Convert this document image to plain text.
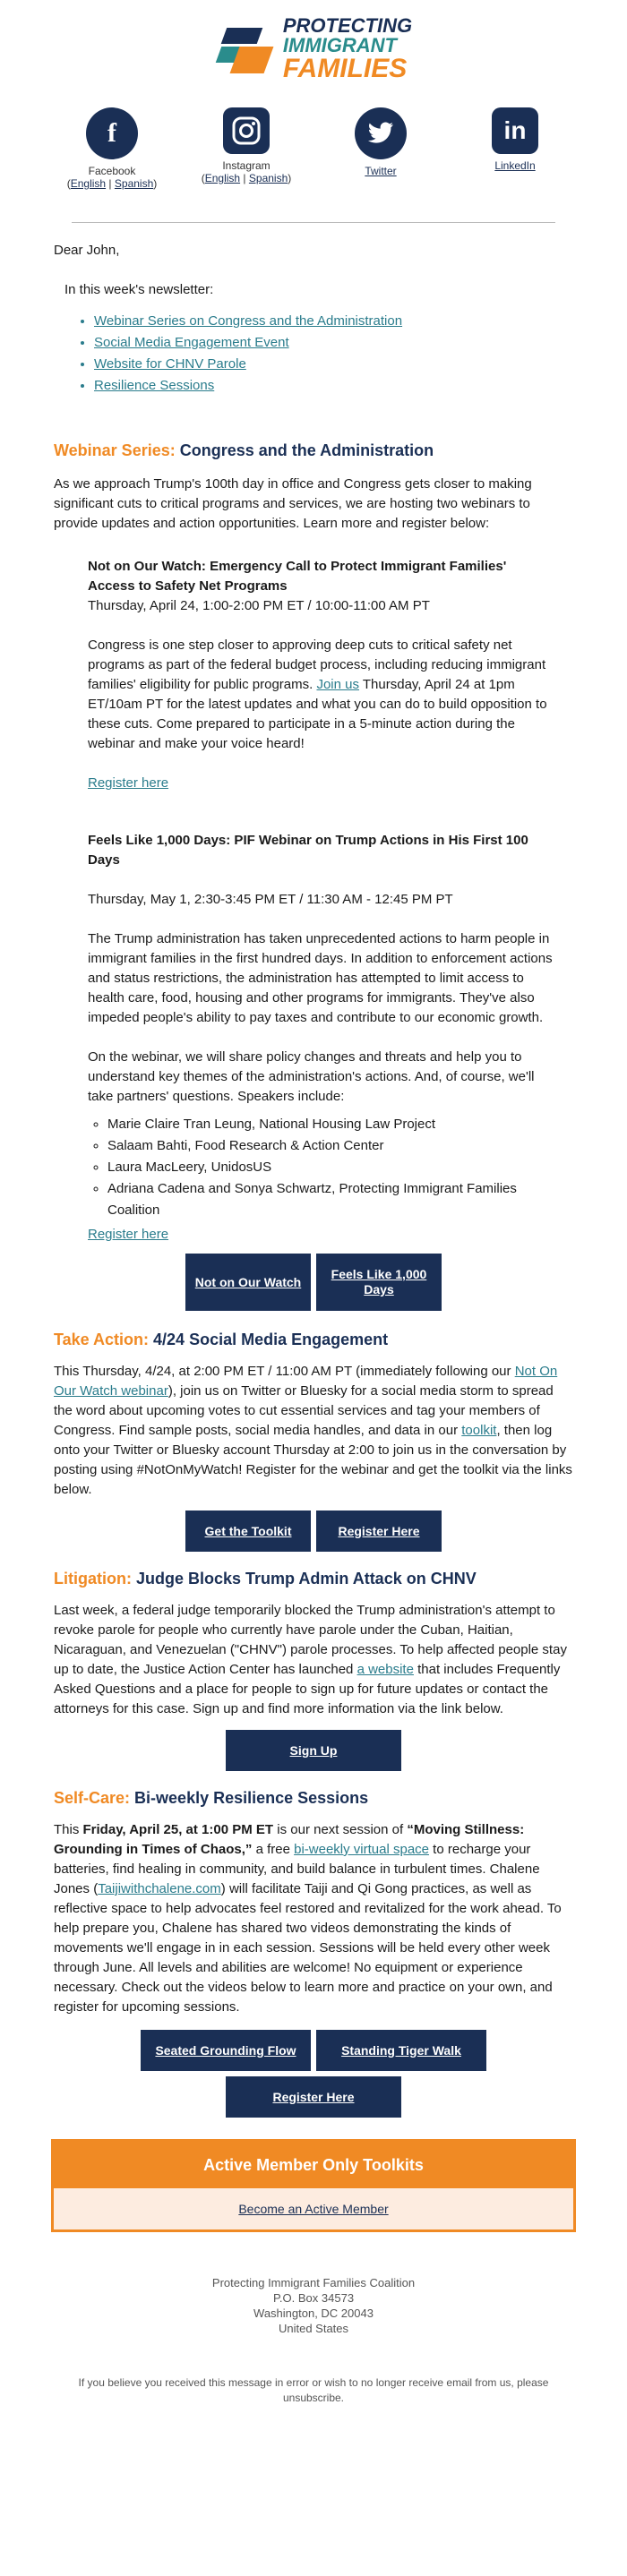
PROTECTING
IMMIGRANT
FAMILIES
f
Facebook
(English | Spanish)
Instagram
(English | Spanish)
Twitter
in
LinkedIn

Dear John,

In this week's newsletter:

• Webinar Series on Congress and the Administration
• Social Media Engagement Event
• Website for CHNV Parole
• Resilience Sessions
Webinar Series: Congress and the Administration

As we approach Trump's 100th day in office and Congress gets closer to making significant cuts to critical programs and services, we are hosting two webinars to provide updates and action opportunities. Learn more and register below:

Not on Our Watch: Emergency Call to Protect Immigrant Families' Access to Safety Net Programs

Thursday, April 24, 1:00-2:00 PM ET / 10:00-11:00 AM PT

Congress is one step closer to approving deep cuts to critical safety net programs as part of the federal budget process, including reducing immigrant families' eligibility for public programs. Join us Thursday, April 24 at 1pm ET/10am PT for the latest updates and what you can do to build opposition to these cuts. Come prepared to participate in a 5-minute action during the webinar and make your voice heard!

Register here

Feels Like 1,000 Days: PIF Webinar on Trump Actions in His First 100 Days

Thursday, May 1, 2:30-3:45 PM ET / 11:30 AM - 12:45 PM PT

The Trump administration has taken unprecedented actions to harm people in immigrant families in the first hundred days. In addition to enforcement actions and status restrictions, the administration has attempted to limit access to health care, food, housing and other programs for immigrants. They've also impeded people's ability to pay taxes and contribute to our economic growth.

On the webinar, we will share policy changes and threats and help you to understand key themes of the administration's actions. And, of course, we'll take partners' questions. Speakers include:

◦ Marie Claire Tran Leung, National Housing Law Project
◦ Salaam Bahti, Food Research & Action Center
◦ Laura MacLeery, UnidosUS
◦ Adriana Cadena and Sonya Schwartz, Protecting Immigrant Families Coalition

Register here

Not on Our Watch
Feels Like 1,000 Days
Take Action: 4/24 Social Media Engagement

This Thursday, 4/24, at 2:00 PM ET / 11:00 AM PT (immediately following our Not On Our Watch webinar), join us on Twitter or Bluesky for a social media storm to spread the word about upcoming votes to cut essential services and tag your members of Congress. Find sample posts, social media handles, and data in our toolkit, then log onto your Twitter or Bluesky account Thursday at 2:00 to join us in the conversation by posting using #NotOnMyWatch! Register for the webinar and get the toolkit via the links below.

Get the Toolkit	Register Here
Litigation: Judge Blocks Trump Admin Attack on CHNV

Last week, a federal judge temporarily blocked the Trump administration's attempt to revoke parole for people who currently have parole under the Cuban, Haitian, Nicaraguan, and Venezuelan ("CHNV") parole processes. To help affected people stay up to date, the Justice Action Center has launched a website that includes Frequently Asked Questions and a place for people to sign up for future updates or contact the attorneys for this case. Sign up and find more information via the link below.

Sign Up
Self-Care: Bi-weekly Resilience Sessions

This Friday, April 25, at 1:00 PM ET is our next session of “Moving Stillness: Grounding in Times of Chaos,” a free bi-weekly virtual space to recharge your batteries, find healing in community, and build balance in turbulent times. Chalene Jones (Taijiwithchalene.com) will facilitate Taiji and Qi Gong practices, as well as reflective space to help advocates feel restored and revitalized for the work ahead. To help prepare you, Chalene has shared two videos demonstrating the kinds of movements we'll engage in in each session. Sessions will be held every other week through June. All levels and abilities are welcome! No equipment or experience necessary. Check out the videos below to learn more and practice on your own, and register for upcoming sessions.

Seated Grounding Flow	Standing Tiger Walk
Register Here
Active Member Only Toolkits
Become an Active Member
Protecting Immigrant Families Coalition
P.O. Box 34573
Washington, DC 20043
United States
If you believe you received this message in error or wish to no longer receive email from us, please unsubscribe.
